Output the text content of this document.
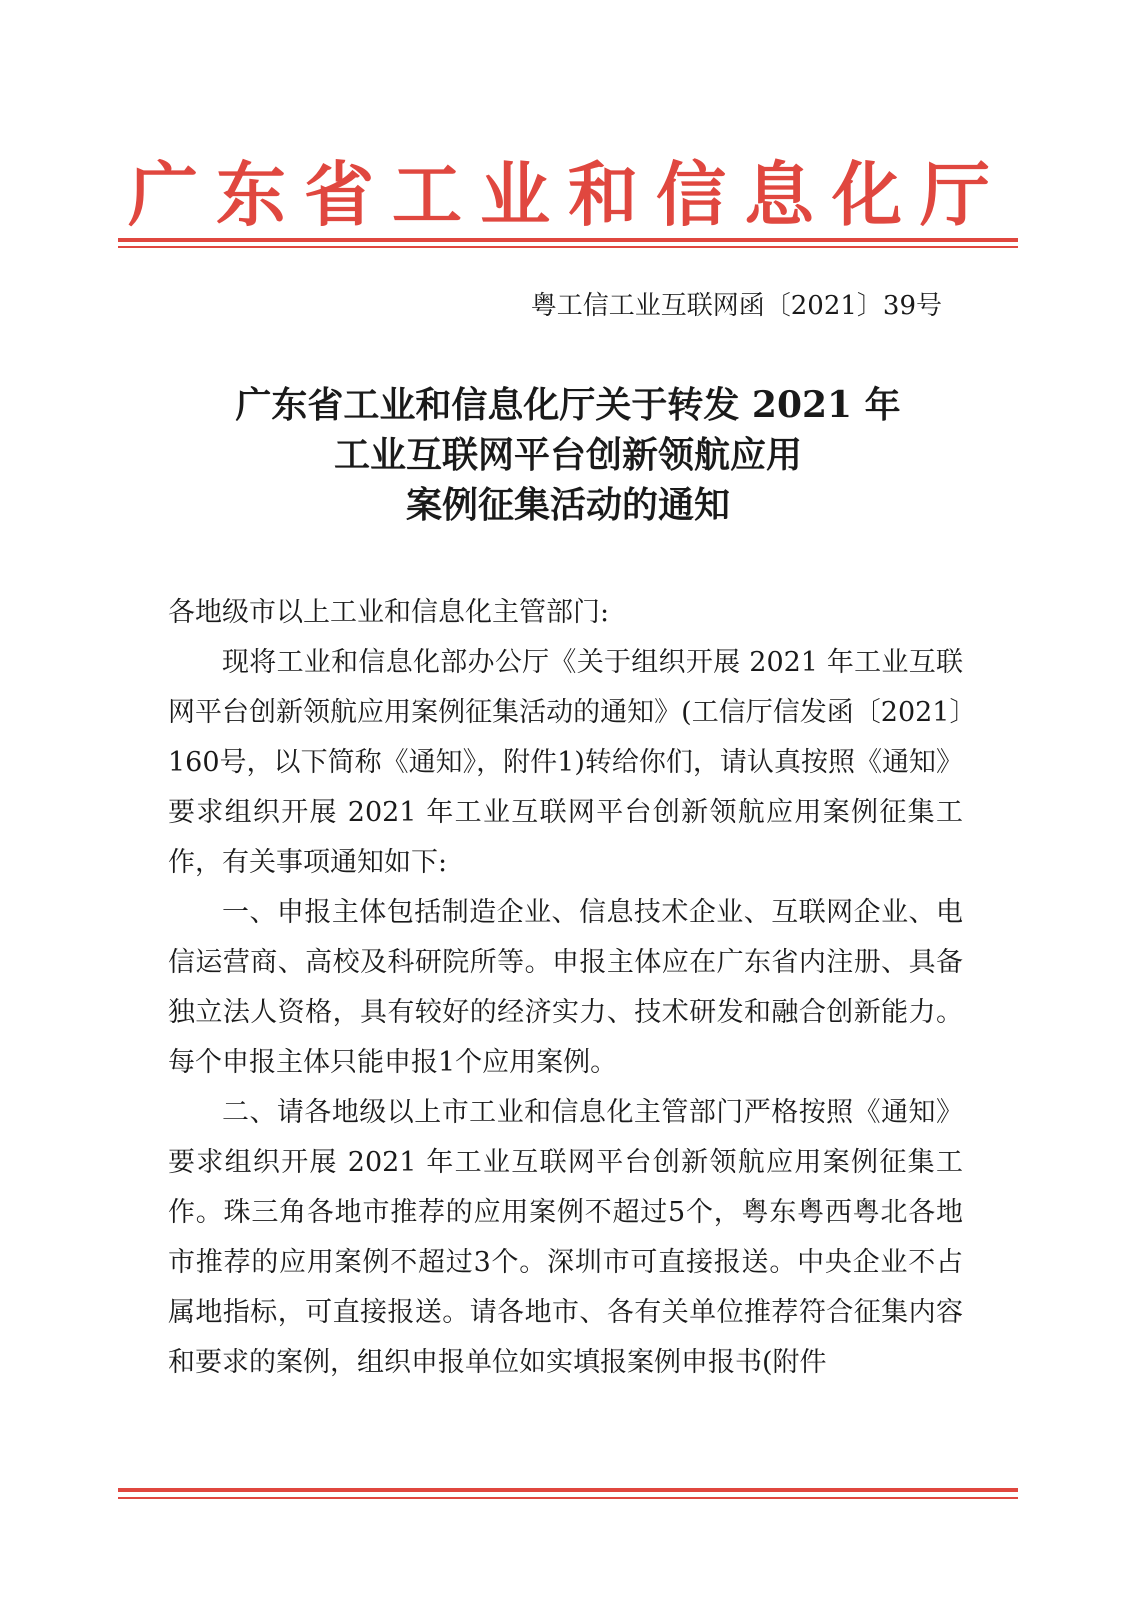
广东省工业和信息化厅
粤工信工业互联网函〔2021〕39号
广东省工业和信息化厅关于转发 2021 年
工业互联网平台创新领航应用
案例征集活动的通知

各地级市以上工业和信息化主管部门:

现将工业和信息化部办公厅《关于组织开展 2021 年工业互联网平台创新领航应用案例征集活动的通知》(工信厅信发函〔2021〕160号，以下简称《通知》，附件1)转给你们，请认真按照《通知》要求组织开展 2021 年工业互联网平台创新领航应用案例征集工作，有关事项通知如下:

一、申报主体包括制造企业、信息技术企业、互联网企业、电信运营商、高校及科研院所等。申报主体应在广东省内注册、具备独立法人资格，具有较好的经济实力、技术研发和融合创新能力。每个申报主体只能申报1个应用案例。

二、请各地级以上市工业和信息化主管部门严格按照《通知》要求组织开展 2021 年工业互联网平台创新领航应用案例征集工作。珠三角各地市推荐的应用案例不超过5个，粤东粤西粤北各地市推荐的应用案例不超过3个。深圳市可直接报送。中央企业不占属地指标，可直接报送。请各地市、各有关单位推荐符合征集内容和要求的案例，组织申报单位如实填报案例申报书(附件
